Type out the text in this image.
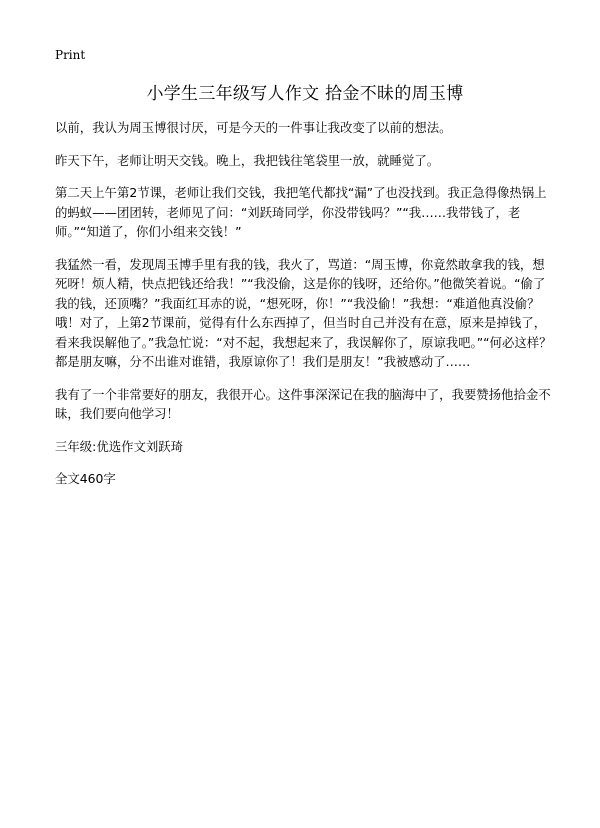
Print
小学生三年级写人作文 拾金不昧的周玉博

以前，我认为周玉博很讨厌，可是今天的一件事让我改变了以前的想法。

昨天下午，老师让明天交钱。晚上，我把钱往笔袋里一放，就睡觉了。

第二天上午第2节课，老师让我们交钱，我把笔代都找“漏”了也没找到。我正急得像热锅上的蚂蚁——团团转，老师见了问：“刘跃琦同学，你没带钱吗？”“我……我带钱了，老师。”“知道了，你们小组来交钱！”

我猛然一看，发现周玉博手里有我的钱，我火了，骂道：“周玉博，你竟然敢拿我的钱，想死呀！烦人精，快点把钱还给我！”“我没偷，这是你的钱呀，还给你。”他微笑着说。“偷了我的钱，还顶嘴？”我面红耳赤的说，“想死呀，你！”“我没偷！”我想：“难道他真没偷？哦！对了，上第2节课前，觉得有什么东西掉了，但当时自己并没有在意，原来是掉钱了，看来我误解他了。”我急忙说：“对不起，我想起来了，我误解你了，原谅我吧。”“何必这样？都是朋友嘛，分不出谁对谁错，我原谅你了！我们是朋友！”我被感动了……

我有了一个非常要好的朋友，我很开心。这件事深深记在我的脑海中了，我要赞扬他拾金不昧，我们要向他学习！

三年级:优选作文刘跃琦

全文460字
